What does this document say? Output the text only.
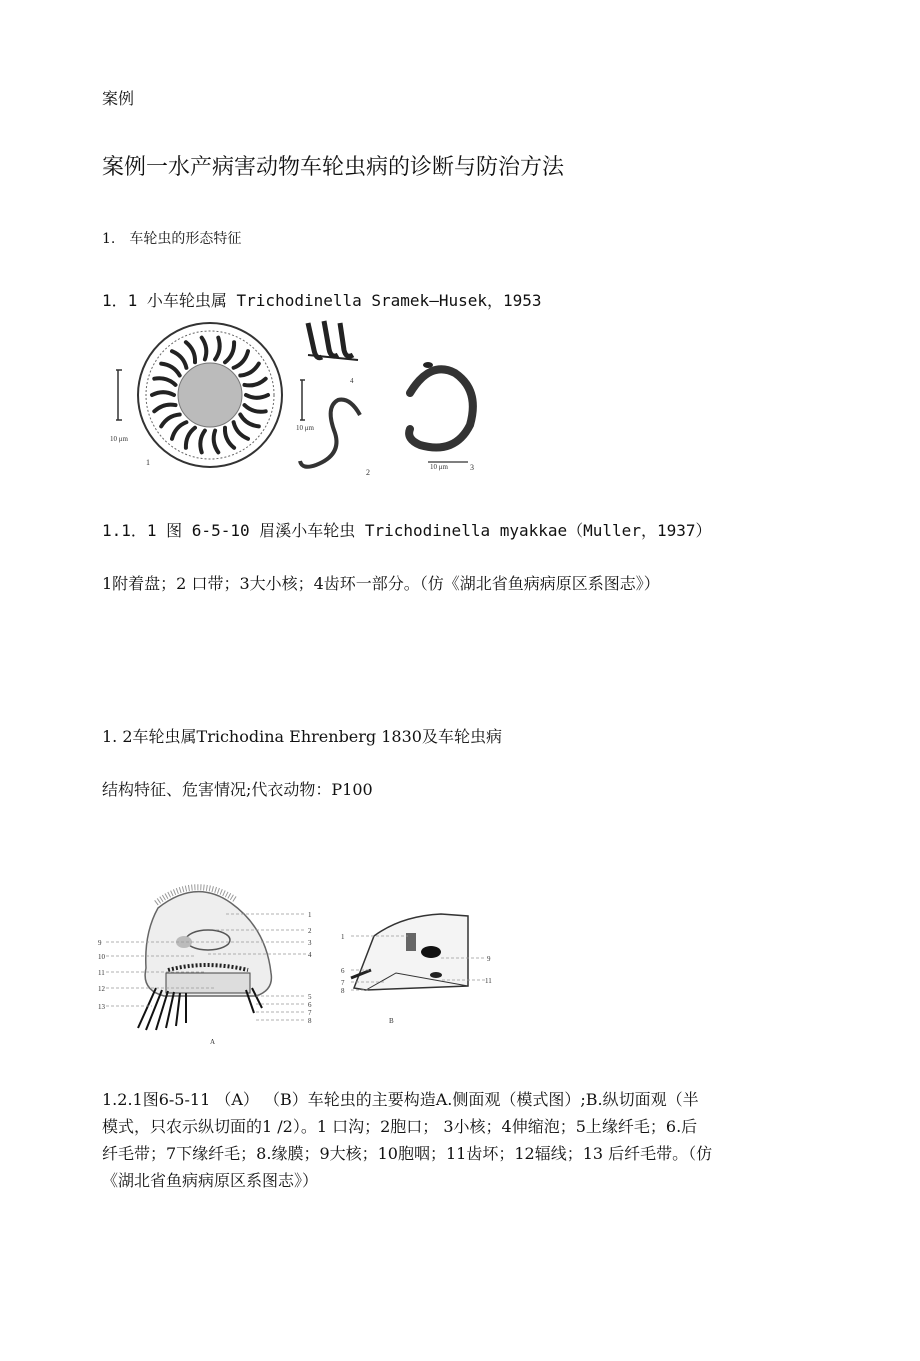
案例
案例一水产病害动物车轮虫病的诊断与防治方法
1.　车轮虫的形态特征
1．1 小车轮虫属 Trichodinella Sramek—Husek，1953
10 μm
1
4
10 μm
2
10 μm	3
1.1．1 图 6-5-10 眉溪小车轮虫 Trichodinella myakkae（Muller，1937）
1附着盘；2 口带；3大小核；4齿环一部分。（仿《湖北省鱼病病原区系图志》）
1. 2车轮虫属Trichodina Ehrenberg 1830及车轮虫病
结构特征、危害情况;代衣动物：P100
9
10
11
12
13
1
2
3
4
5
6
7
8
A
1
6
7
8
9
11
B
1.2.1图6-5-11 （A） （B）车轮虫的主要构造A.侧面观（模式图）;B.纵切面观（半
模式，只农示纵切面的1 /2）。1 口沟；2胞口； 3小核；4伸缩泡；5上缘纤毛；6.后
纤毛带；7下缘纤毛；8.缘膜；9大核；10胞咽；11齿坏；12辐线；13 后纤毛带。（仿
《湖北省鱼病病原区系图志》）
